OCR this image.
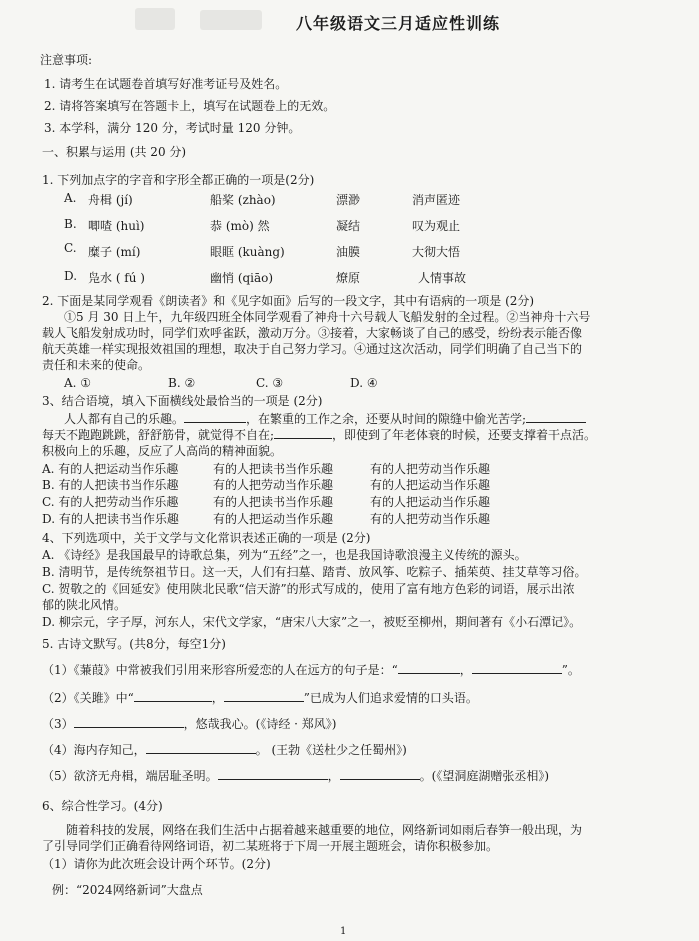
八年级语文三月适应性训练
注意事项:
1. 请考生在试题卷首填写好准考证号及姓名。
2. 请将答案填写在答题卡上，填写在试题卷上的无效。
3. 本学科，满分 120 分，考试时量 120 分钟。
一、积累与运用 (共 20 分)
1. 下列加点字的字音和字形全都正确的一项是(2分)
A. 舟楫 (jí)	船桨 (zhào)	漂渺	消声匿迹
B. 唧喳 (huì)	恭 (mò) 然	凝结	叹为观止
C. 糜子 (mí)	眼眶 (kuàng)	油膜	大彻大悟
D. 凫水 ( fú )	幽悄 (qiāo)	燎原	人情事故
2. 下面是某同学观看《朗读者》和《见字如面》后写的一段文字，其中有语病的一项是 (2分)
①5 月 30 日上午，九年级四班全体同学观看了神舟十六号载人飞船发射的全过程。②当神舟十六号
载人飞船发射成功时，同学们欢呼雀跃，激动万分。③接着，大家畅谈了自己的感受，纷纷表示能否像
航天英雄一样实现报效祖国的理想，取决于自己努力学习。④通过这次活动，同学们明确了自己当下的
责任和未来的使命。
A. ①	B. ②	C. ③	D. ④
3、结合语境，填入下面横线处最恰当的一项是 (2分)
人人都有自己的乐趣。	，在繁重的工作之余，还要从时间的隙缝中偷光苦学;
每天不跑跑跳跳，舒舒筋骨，就觉得不自在;	，即使到了年老体衰的时候，还要支撑着干点活。
积极向上的乐趣，反应了人高尚的精神面貌。
A. 有的人把运动当作乐趣	有的人把读书当作乐趣	有的人把劳动当作乐趣
B. 有的人把读书当作乐趣	有的人把劳动当作乐趣	有的人把运动当作乐趣
C. 有的人把劳动当作乐趣	有的人把读书当作乐趣	有的人把运动当作乐趣
D. 有的人把读书当作乐趣	有的人把运动当作乐趣	有的人把劳动当作乐趣
4、下列选项中，关于文学与文化常识表述正确的一项是 (2分)
A. 《诗经》是我国最早的诗歌总集，列为“五经”之一，也是我国诗歌浪漫主义传统的源头。
B. 清明节，是传统祭祖节日。这一天，人们有扫墓、踏青、放风筝、吃粽子、插茱萸、挂艾草等习俗。
C. 贺敬之的《回延安》使用陕北民歌“信天游”的形式写成的，使用了富有地方色彩的词语，展示出浓
郁的陕北风情。
D. 柳宗元，字子厚，河东人，宋代文学家，“唐宋八大家”之一，被贬至柳州，期间著有《小石潭记》。
5. 古诗文默写。(共8分，每空1分)
（1）《蒹葭》中常被我们引用来形容所爱恋的人在远方的句子是：“	，	”。
（2）《关雎》中“	，	”已成为人们追求爱情的口头语。
（3）	，悠哉我心。(《诗经 · 郑风》)
（4）海内存知己，	。 (王勃《送杜少之任蜀州》)
（5）欲济无舟楫，端居耻圣明。	，	。(《望洞庭湖赠张丞相》)
6、综合性学习。(4分)
随着科技的发展，网络在我们生活中占据着越来越重要的地位，网络新词如雨后春笋一般出现，为
了引导同学们正确看待网络词语，初二某班将于下周一开展主题班会，请你积极参加。
（1）请你为此次班会设计两个环节。(2分)
例：“2024网络新词”大盘点
1
